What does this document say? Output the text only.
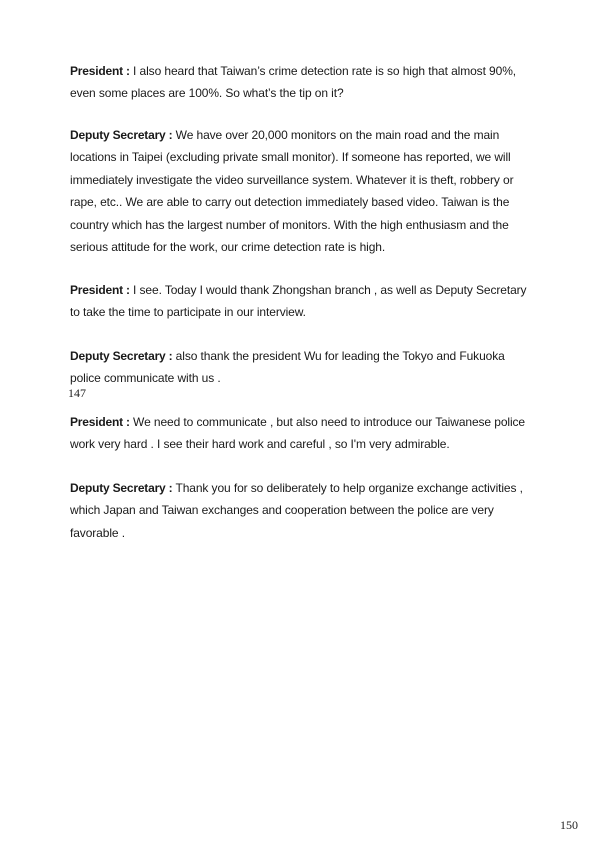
President : I also heard that Taiwan’s crime detection rate is so high that almost 90%, even some places are 100%. So what’s the tip on it?

Deputy Secretary : We have over 20,000 monitors on the main road and the main locations in Taipei (excluding private small monitor). If someone has reported, we will immediately investigate the video surveillance system. Whatever it is theft, robbery or rape, etc.. We are able to carry out detection immediately based video. Taiwan is the country which has the largest number of monitors. With the high enthusiasm and the serious attitude for the work, our crime detection rate is high.

President : I see. Today I would thank Zhongshan branch , as well as Deputy Secretary to take the time to participate in our interview.

Deputy Secretary : also thank the president Wu for leading the Tokyo and Fukuoka police communicate with us .

147

President : We need to communicate , but also need to introduce our Taiwanese police work very hard . I see their hard work and careful , so I'm very admirable.

Deputy Secretary : Thank you for so deliberately to help organize exchange activities , which Japan and Taiwan exchanges and cooperation between the police are very favorable .

150
